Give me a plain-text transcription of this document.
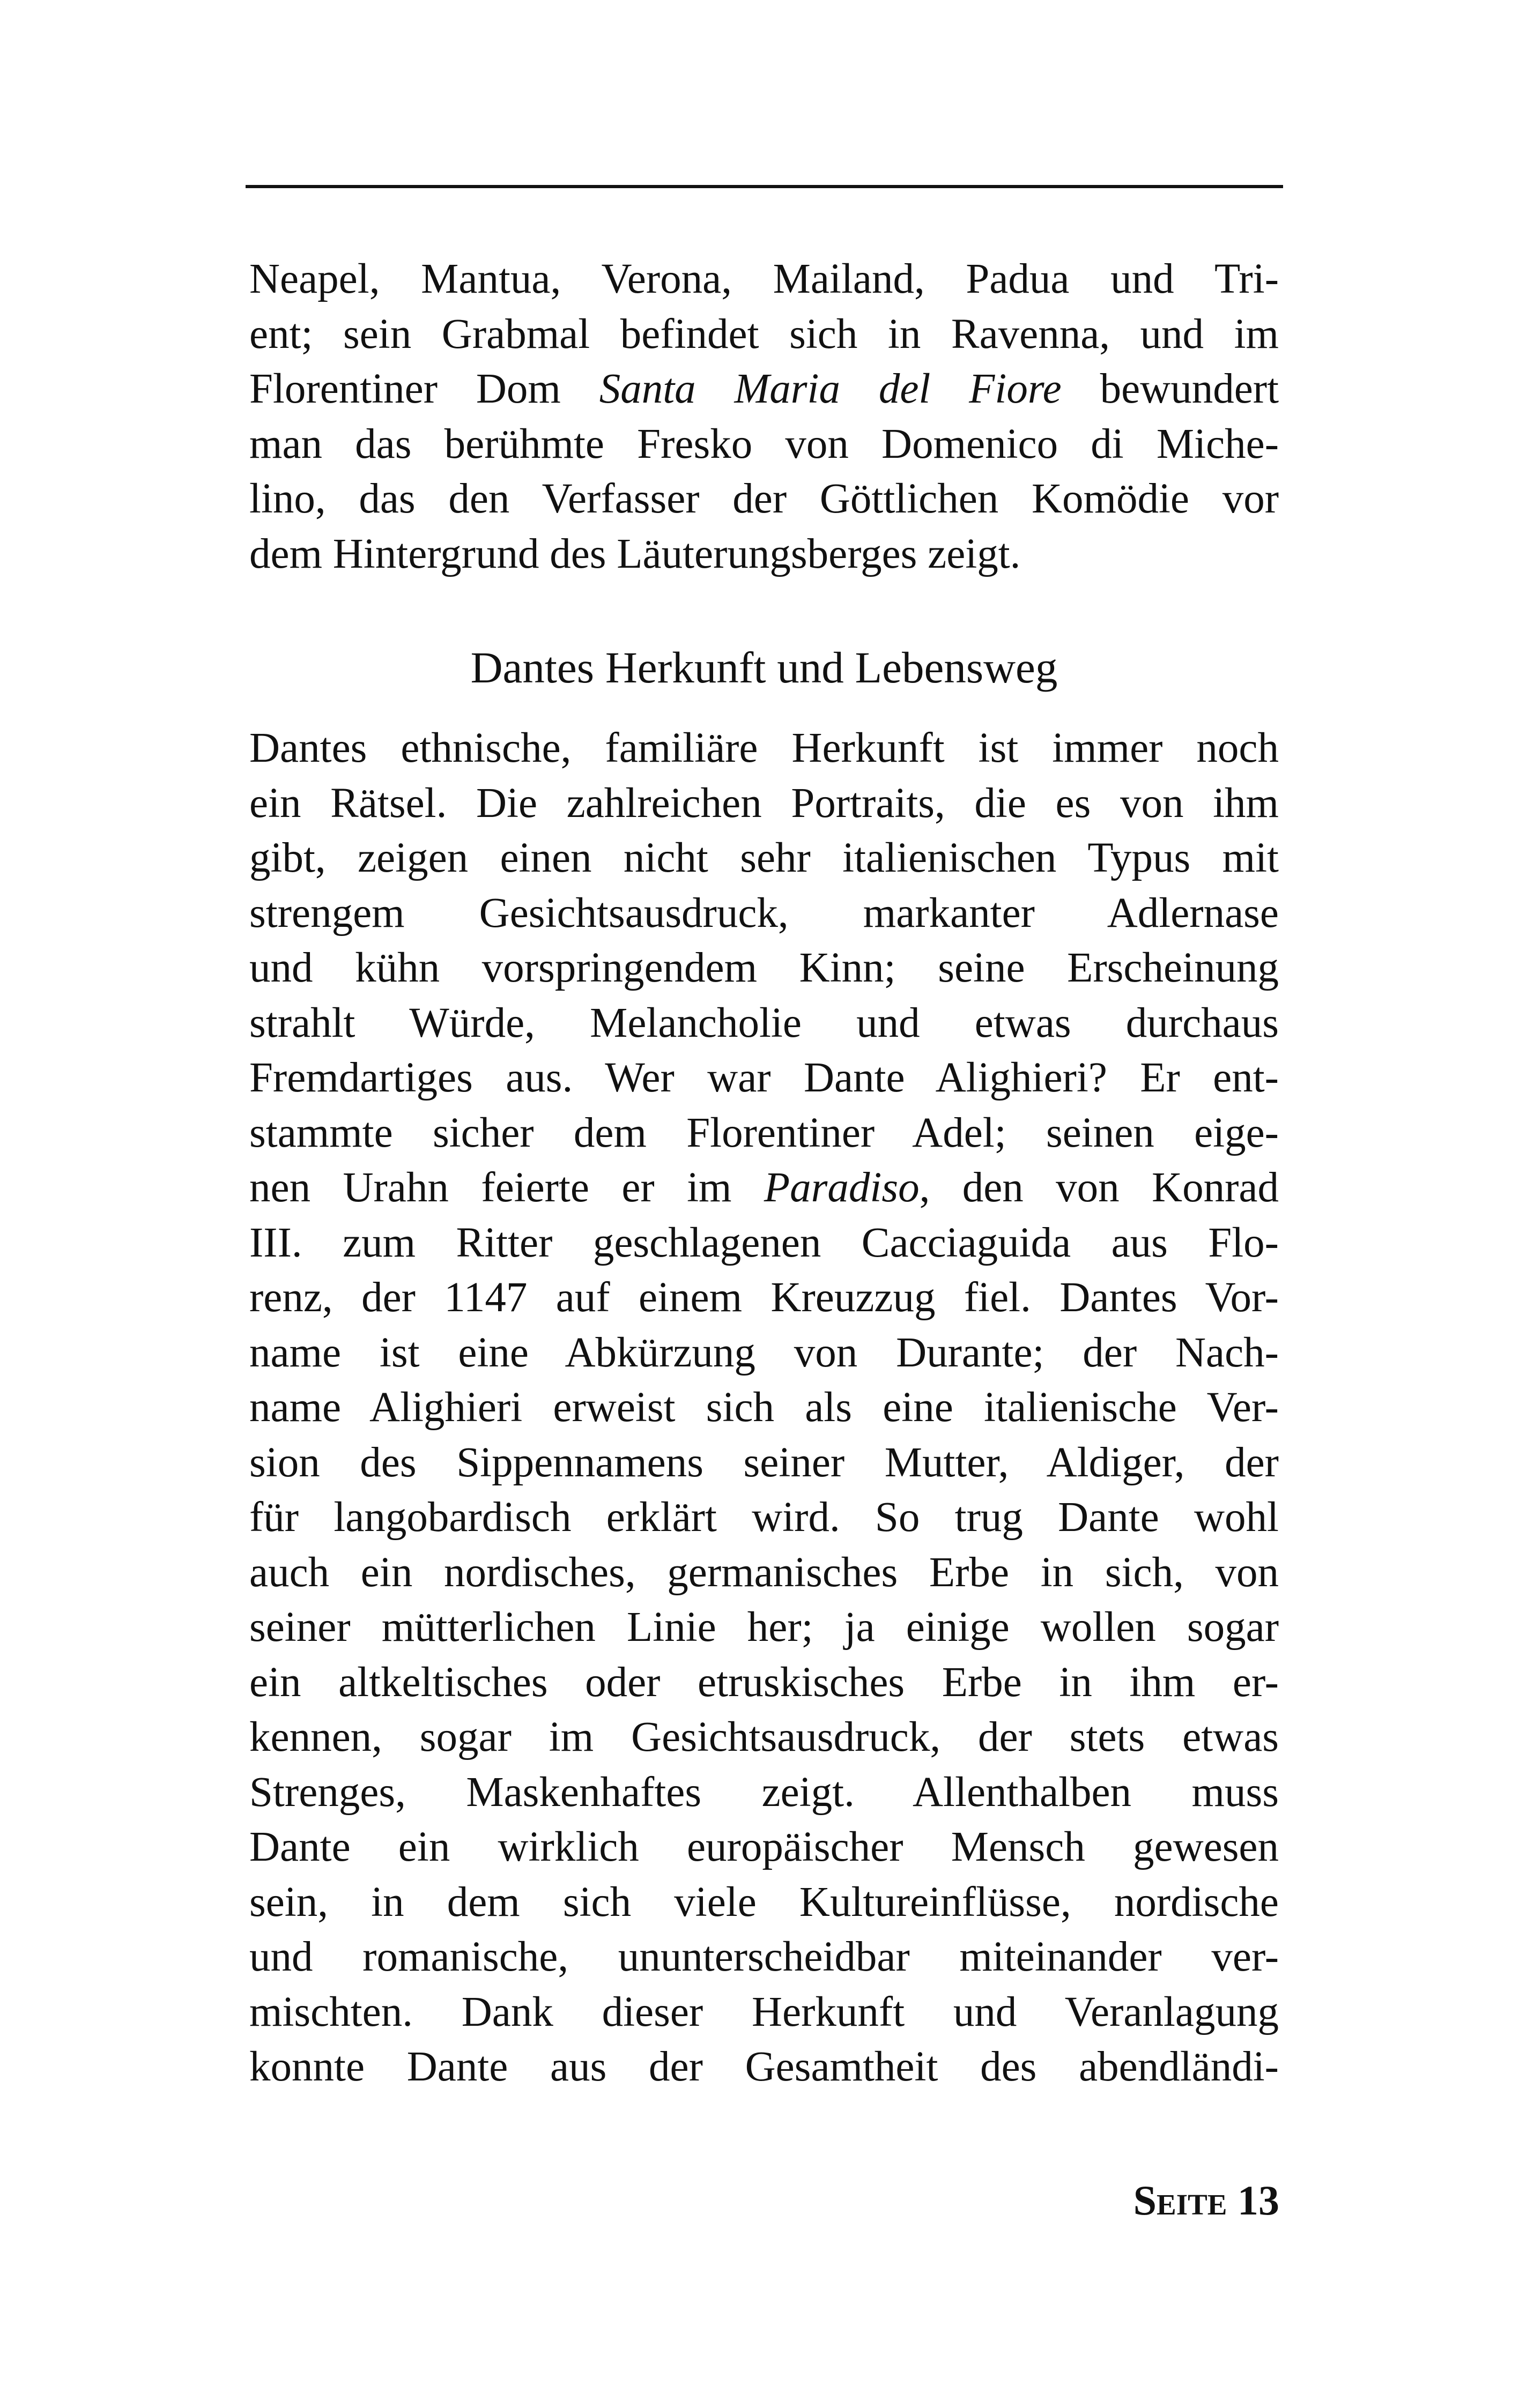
Neapel, Mantua, Verona, Mailand, Padua und Tri-
ent; sein Grabmal befindet sich in Ravenna, und im
Florentiner Dom Santa Maria del Fiore bewundert
man das berühmte Fresko von Domenico di Miche-
lino, das den Verfasser der Göttlichen Komödie vor
dem Hintergrund des Läuterungsberges zeigt.
Dantes Herkunft und Lebensweg
Dantes ethnische, familiäre Herkunft ist immer noch
ein Rätsel. Die zahlreichen Portraits, die es von ihm
gibt, zeigen einen nicht sehr italienischen Typus mit
strengem Gesichtsausdruck, markanter Adlernase
und kühn vorspringendem Kinn; seine Erscheinung
strahlt Würde, Melancholie und etwas durchaus
Fremdartiges aus. Wer war Dante Alighieri? Er ent-
stammte sicher dem Florentiner Adel; seinen eige-
nen Urahn feierte er im Paradiso, den von Konrad
III. zum Ritter geschlagenen Cacciaguida aus Flo-
renz, der 1147 auf einem Kreuzzug fiel. Dantes Vor-
name ist eine Abkürzung von Durante; der Nach-
name Alighieri erweist sich als eine italienische Ver-
sion des Sippennamens seiner Mutter, Aldiger, der
für langobardisch erklärt wird. So trug Dante wohl
auch ein nordisches, germanisches Erbe in sich, von
seiner mütterlichen Linie her; ja einige wollen sogar
ein altkeltisches oder etruskisches Erbe in ihm er-
kennen, sogar im Gesichtsausdruck, der stets etwas
Strenges, Maskenhaftes zeigt. Allenthalben muss
Dante ein wirklich europäischer Mensch gewesen
sein, in dem sich viele Kultureinflüsse, nordische
und romanische, ununterscheidbar miteinander ver-
mischten. Dank dieser Herkunft und Veranlagung
konnte Dante aus der Gesamtheit des abendländi-
Seite 13
